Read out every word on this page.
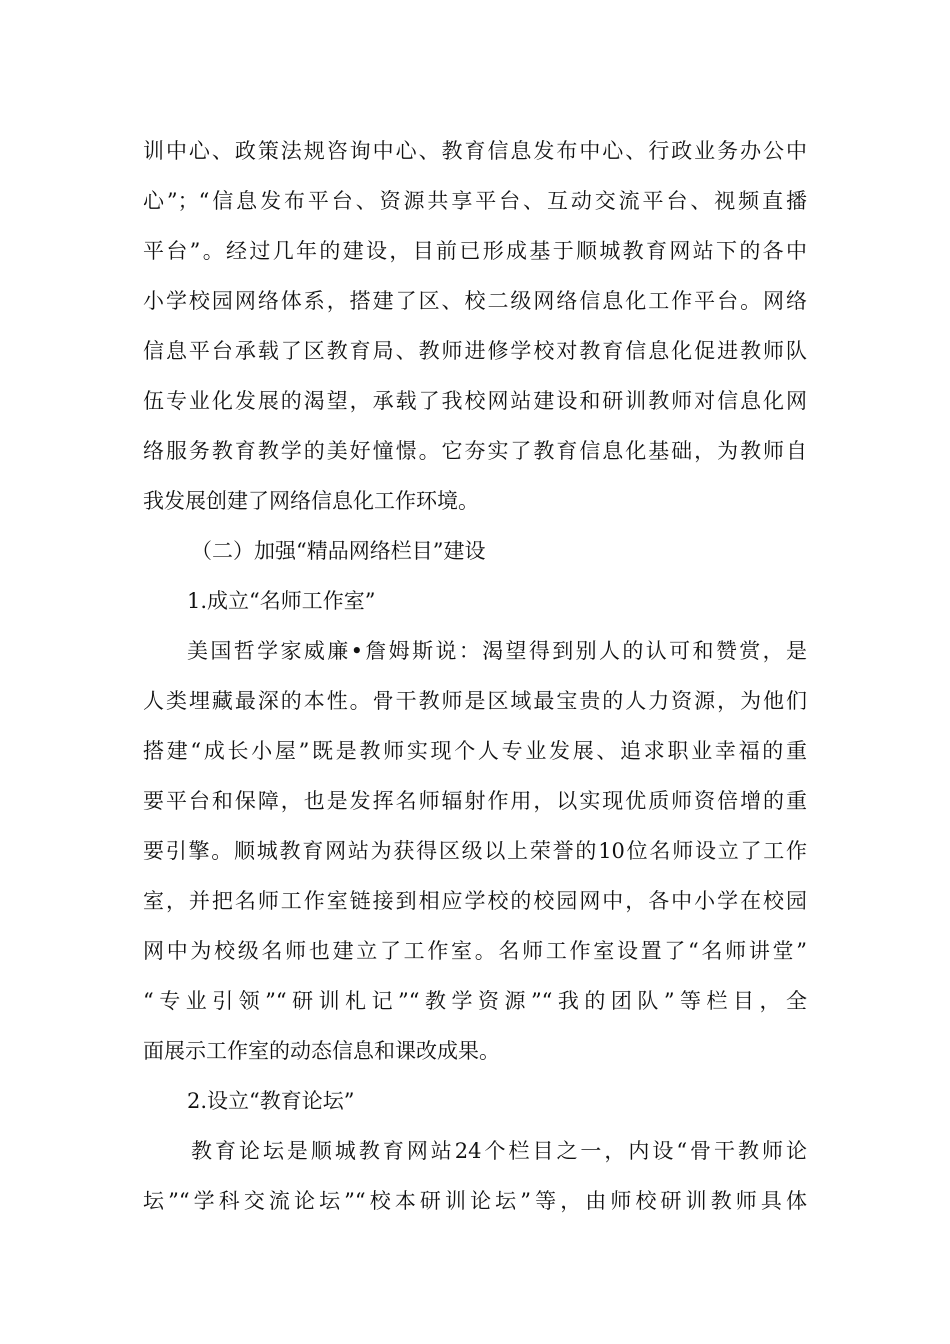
训中心、政策法规咨询中心、教育信息发布中心、行政业务办公中
心”；“信息发布平台、资源共享平台、互动交流平台、视频直播
平台”。经过几年的建设，目前已形成基于顺城教育网站下的各中
小学校园网络体系，搭建了区、校二级网络信息化工作平台。网络
信息平台承载了区教育局、教师进修学校对教育信息化促进教师队
伍专业化发展的渴望，承载了我校网站建设和研训教师对信息化网
络服务教育教学的美好憧憬。它夯实了教育信息化基础，为教师自
我发展创建了网络信息化工作环境。
（二）加强“精品网络栏目”建设
1.成立“名师工作室”
美国哲学家威廉•詹姆斯说：渴望得到别人的认可和赞赏，是
人类埋藏最深的本性。骨干教师是区域最宝贵的人力资源，为他们
搭建“成长小屋”既是教师实现个人专业发展、追求职业幸福的重
要平台和保障，也是发挥名师辐射作用，以实现优质师资倍增的重
要引擎。顺城教育网站为获得区级以上荣誉的10位名师设立了工作
室，并把名师工作室链接到相应学校的校园网中，各中小学在校园
网中为校级名师也建立了工作室。名师工作室设置了“名师讲堂”
“专业引领”“研训札记”“教学资源”“我的团队”等栏目，全
面展示工作室的动态信息和课改成果。
2.设立“教育论坛”
教育论坛是顺城教育网站24个栏目之一，内设“骨干教师论
坛”“学科交流论坛”“校本研训论坛”等，由师校研训教师具体
